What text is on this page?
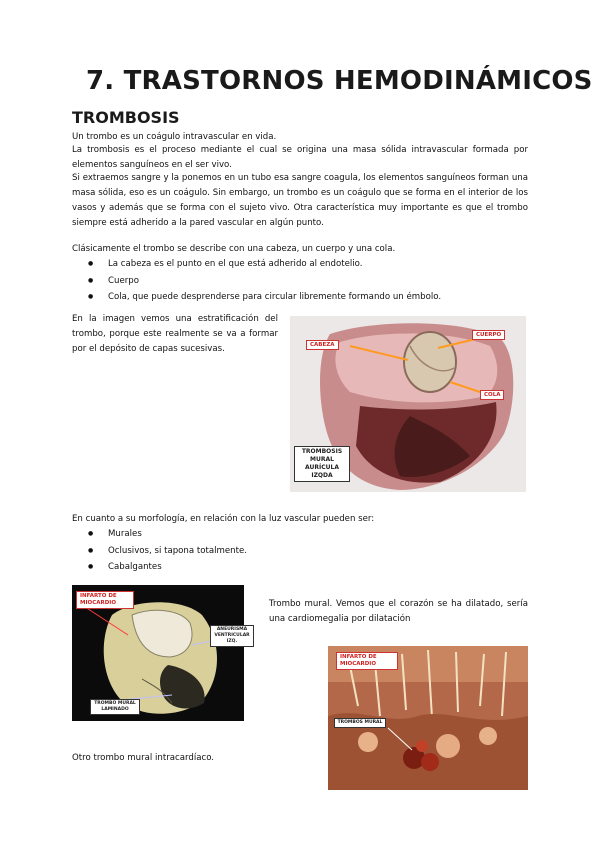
7. TRASTORNOS HEMODINÁMICOS
TROMBOSIS

Un trombo es un coágulo intravascular en vida.

La trombosis es el proceso mediante el cual se origina una masa sólida intravascular formada por elementos sanguíneos en el ser vivo.

Si extraemos sangre y la ponemos en un tubo esa sangre coagula, los elementos sanguíneos forman una masa sólida, eso es un coágulo. Sin embargo, un trombo es un coágulo que se forma en el interior de los vasos y además que se forma con el sujeto vivo. Otra característica muy importante es que el trombo siempre está adherido a la pared vascular en algún punto.

Clásicamente el trombo se describe con una cabeza, un cuerpo y una cola.

● La cabeza es el punto en el que está adherido al endotelio.
● Cuerpo
● Cola, que puede desprenderse para circular libremente formando un émbolo.

En la imagen vemos una estratificación del trombo, porque este realmente se va a formar por el depósito de capas sucesivas.	CABEZA
CUERPO
COLA
TROMBOSIS
MURAL
AURÍCULA
IZQDA

En cuanto a su morfología, en relación con la luz vascular pueden ser:

● Murales
● Oclusivos, si tapona totalmente.
● Cabalgantes
INFARTO DE MIOCARDIO
ANEURISMA VENTRICULAR IZQ.
TROMBO MURAL LAMINADO

Trombo mural. Vemos que el corazón se ha dilatado, sería una cardiomegalia por dilatación

INFARTO DE MIOCARDIO
TROMBOS MURAL

Otro trombo mural intracardíaco.
